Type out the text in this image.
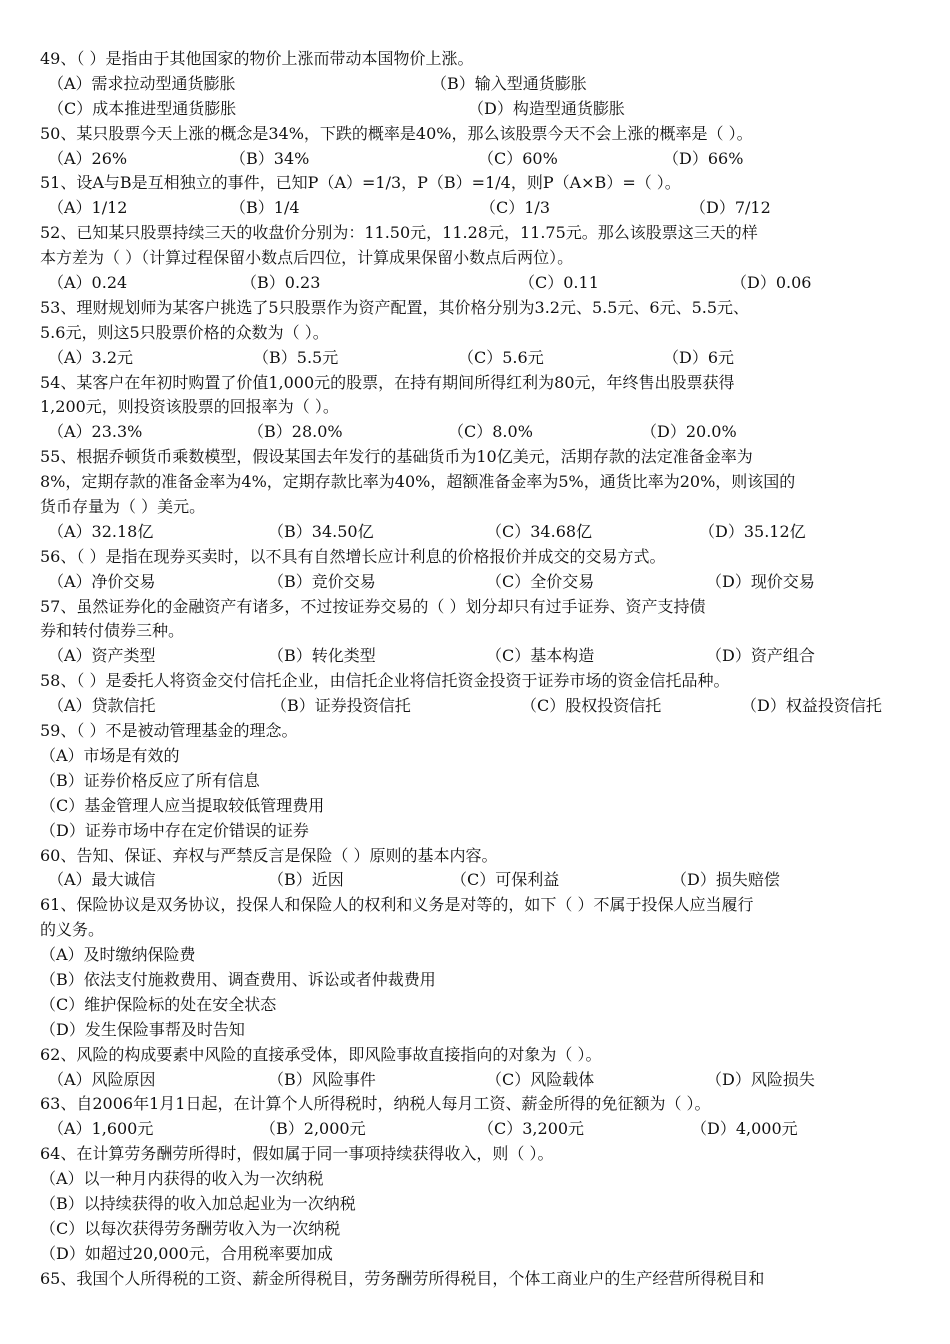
49、（ ）是指由于其他国家的物价上涨而带动本国物价上涨。
（A）需求拉动型通货膨胀	（B）输入型通货膨胀
（C）成本推进型通货膨胀	（D）构造型通货膨胀
50、某只股票今天上涨的概念是34%，下跌的概率是40%，那么该股票今天不会上涨的概率是（ ）。
（A）26%	（B）34%	（C）60%	（D）66%
51、设A与B是互相独立的事件，已知P（A）=1/3，P（B）=1/4，则P（A×B）=（ ）。
（A）1/12	（B）1/4	（C）1/3	（D）7/12
52、已知某只股票持续三天的收盘价分别为：11.50元，11.28元，11.75元。那么该股票这三天的样
本方差为（ ）（计算过程保留小数点后四位，计算成果保留小数点后两位）。
（A）0.24	（B）0.23	（C）0.11	（D）0.06
53、理财规划师为某客户挑选了5只股票作为资产配置，其价格分别为3.2元、5.5元、6元、5.5元、
5.6元，则这5只股票价格的众数为（ ）。
（A）3.2元	（B）5.5元	（C）5.6元	（D）6元
54、某客户在年初时购置了价值1,000元的股票，在持有期间所得红利为80元，年终售出股票获得
1,200元，则投资该股票的回报率为（ ）。
（A）23.3%	（B）28.0%	（C）8.0%	（D）20.0%
55、根据乔顿货币乘数模型，假设某国去年发行的基础货币为10亿美元，活期存款的法定准备金率为
8%，定期存款的准备金率为4%，定期存款比率为40%，超额准备金率为5%，通货比率为20%，则该国的
货币存量为（ ）美元。
（A）32.18亿	（B）34.50亿	（C）34.68亿	（D）35.12亿
56、（ ）是指在现券买卖时，以不具有自然增长应计利息的价格报价并成交的交易方式。
（A）净价交易	（B）竞价交易	（C）全价交易	（D）现价交易
57、虽然证券化的金融资产有诸多，不过按证券交易的（ ）划分却只有过手证券、资产支持债
券和转付债券三种。
（A）资产类型	（B）转化类型	（C）基本构造	（D）资产组合
58、（ ）是委托人将资金交付信托企业，由信托企业将信托资金投资于证券市场的资金信托品种。
（A）贷款信托	（B）证券投资信托	（C）股权投资信托	（D）权益投资信托
59、（ ）不是被动管理基金的理念。
（A）市场是有效的
（B）证券价格反应了所有信息
（C）基金管理人应当提取较低管理费用
（D）证券市场中存在定价错误的证券
60、告知、保证、弃权与严禁反言是保险（ ）原则的基本内容。
（A）最大诚信	（B）近因	（C）可保利益	（D）损失赔偿
61、保险协议是双务协议，投保人和保险人的权利和义务是对等的，如下（ ）不属于投保人应当履行
的义务。
（A）及时缴纳保险费
（B）依法支付施救费用、调查费用、诉讼或者仲裁费用
（C）维护保险标的处在安全状态
（D）发生保险事帮及时告知
62、风险的构成要素中风险的直接承受体，即风险事故直接指向的对象为（ ）。
（A）风险原因	（B）风险事件	（C）风险载体	（D）风险损失
63、自2006年1月1日起，在计算个人所得税时，纳税人每月工资、薪金所得的免征额为（ ）。
（A）1,600元	（B）2,000元	（C）3,200元	（D）4,000元
64、在计算劳务酬劳所得时，假如属于同一事项持续获得收入，则（ ）。
（A）以一种月内获得的收入为一次纳税
（B）以持续获得的收入加总起业为一次纳税
（C）以每次获得劳务酬劳收入为一次纳税
（D）如超过20,000元，合用税率要加成
65、我国个人所得税的工资、薪金所得税目，劳务酬劳所得税目，个体工商业户的生产经营所得税目和
